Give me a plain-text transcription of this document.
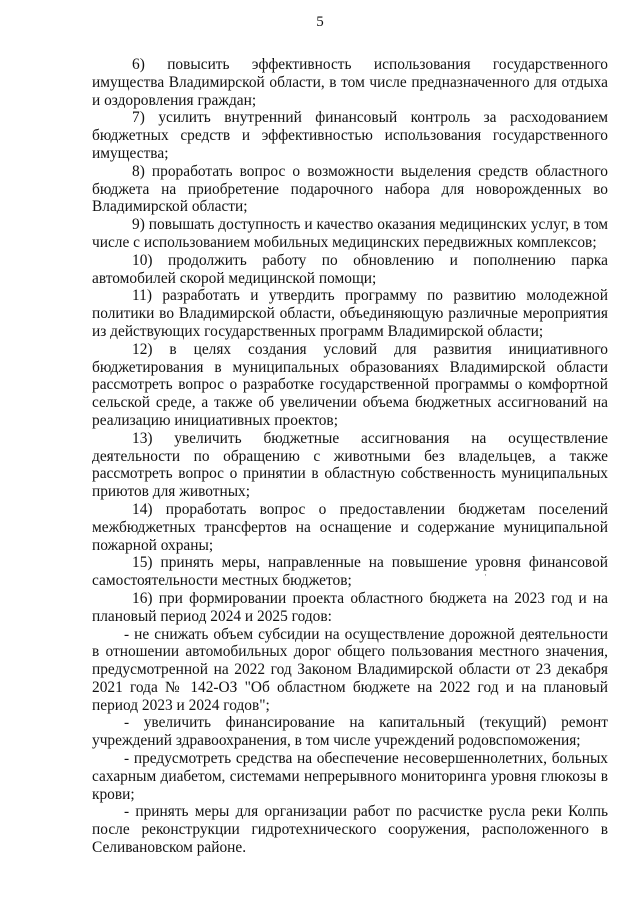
5
·

6) повысить эффективность использования государственного имущества Владимирской области, в том числе предназначенного для отдыха и оздоровления граждан;

7) усилить внутренний финансовый контроль за расходованием бюджетных средств и эффективностью использования государственного имущества;

8) проработать вопрос о возможности выделения средств областного бюджета на приобретение подарочного набора для новорожденных во Владимирской области;

9) повышать доступность и качество оказания медицинских услуг, в том числе с использованием мобильных медицинских передвижных комплексов;

10) продолжить работу по обновлению и пополнению парка автомобилей скорой медицинской помощи;

11) разработать и утвердить программу по развитию молодежной политики во Владимирской области, объединяющую различные мероприятия из действующих государственных программ Владимирской области;

12) в целях создания условий для развития инициативного бюджетирования в муниципальных образованиях Владимирской области рассмотреть вопрос о разработке государственной программы о комфортной сельской среде, а также об увеличении объема бюджетных ассигнований на реализацию инициативных проектов;

13) увеличить бюджетные ассигнования на осуществление деятельности по обращению с животными без владельцев, а также рассмотреть вопрос о принятии в областную собственность муниципальных приютов для животных;

14) проработать вопрос о предоставлении бюджетам поселений межбюджетных трансфертов на оснащение и содержание муниципальной пожарной охраны;

15) принять меры, направленные на повышение уровня финансовой самостоятельности местных бюджетов;

16) при формировании проекта областного бюджета на 2023 год и на плановый период 2024 и 2025 годов:

- не снижать объем субсидии на осуществление дорожной деятельности в отношении автомобильных дорог общего пользования местного значения, предусмотренной на 2022 год Законом Владимирской области от 23 декабря 2021 года № 142-ОЗ "Об областном бюджете на 2022 год и на плановый период 2023 и 2024 годов";

- увеличить финансирование на капитальный (текущий) ремонт учреждений здравоохранения, в том числе учреждений родовспоможения;

- предусмотреть средства на обеспечение несовершеннолетних, больных сахарным диабетом, системами непрерывного мониторинга уровня глюкозы в крови;

- принять меры для организации работ по расчистке русла реки Колпь после реконструкции гидротехнического сооружения, расположенного в Селивановском районе.
